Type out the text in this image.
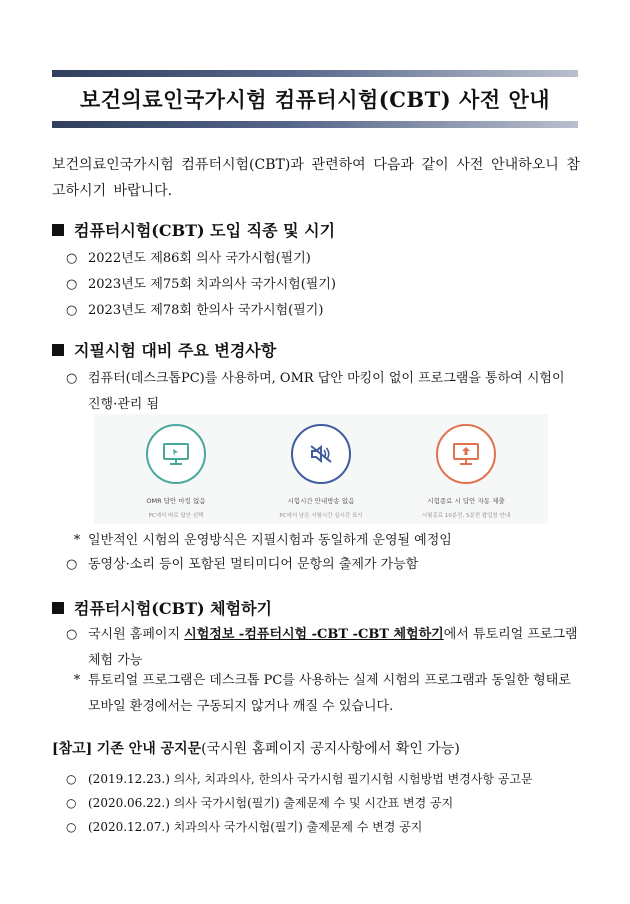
보건의료인국가시험 컴퓨터시험(CBT) 사전 안내

보건의료인국가시험 컴퓨터시험(CBT)과 관련하여 다음과 같이 사전 안내하오니 참고하시기 바랍니다.

컴퓨터시험(CBT) 도입 직종 및 시기
○ 2022년도 제86회 의사 국가시험(필기)
○ 2023년도 제75회 치과의사 국가시험(필기)
○ 2023년도 제78회 한의사 국가시험(필기)
지필시험 대비 주요 변경사항
○ 컴퓨터(데스크톱PC)를 사용하며, OMR 답안 마킹이 없이 프로그램을 통하여 시험이 진행·관리 됨
OMR 답안 마킹 없음
PC에서 바로 답안 선택
시험시간 안내방송 없음
PC에서 남은 시험시간 실시간 표시
시험종료 시 답안 자동 제출
시험종료 10분전, 5분전 팝업창 안내
* 일반적인 시험의 운영방식은 지필시험과 동일하게 운영될 예정임
○ 동영상·소리 등이 포함된 멀티미디어 문항의 출제가 가능함
컴퓨터시험(CBT) 체험하기
○ 국시원 홈페이지 시험정보 -컴퓨터시험 -CBT -CBT 체험하기에서 튜토리얼 프로그램 체험 가능
* 튜토리얼 프로그램은 데스크톱 PC를 사용하는 실제 시험의 프로그램과 동일한 형태로 모바일 환경에서는 구동되지 않거나 깨질 수 있습니다.

[참고] 기존 안내 공지문(국시원 홈페이지 공지사항에서 확인 가능)

○ (2019.12.23.) 의사, 치과의사, 한의사 국가시험 필기시험 시험방법 변경사항 공고문
○ (2020.06.22.) 의사 국가시험(필기) 출제문제 수 및 시간표 변경 공지
○ (2020.12.07.) 치과의사 국가시험(필기) 출제문제 수 변경 공지
